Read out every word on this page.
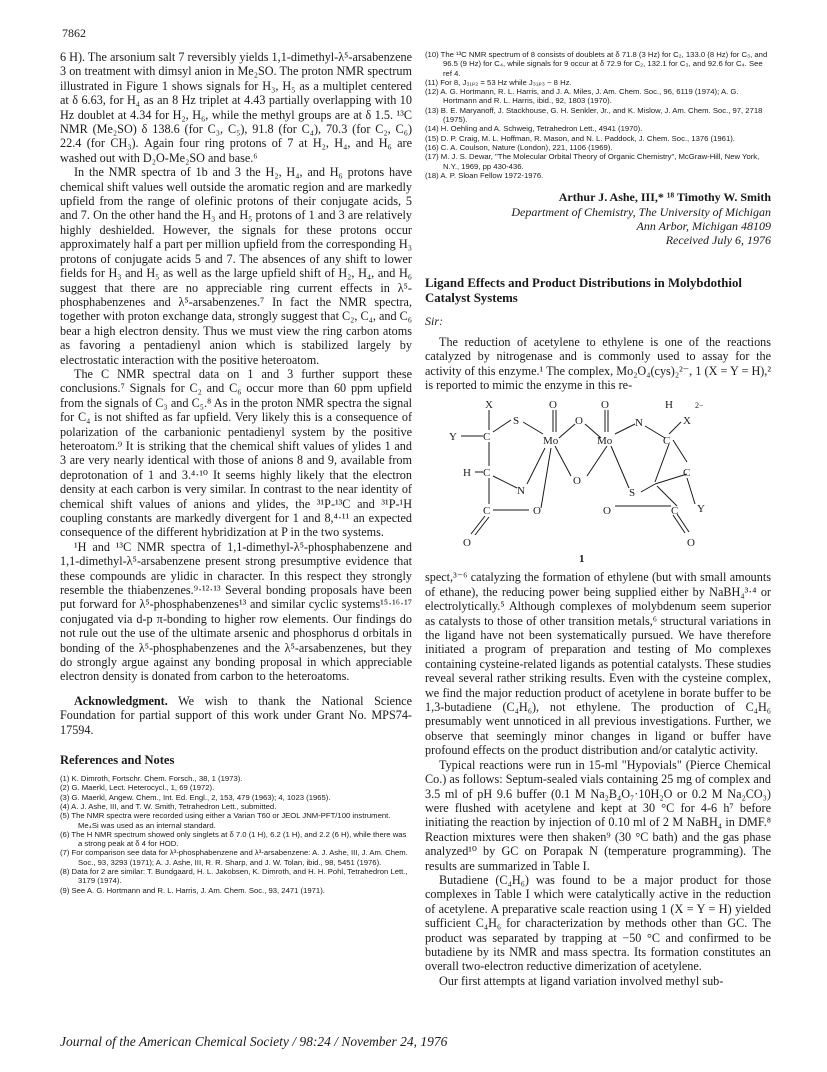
7862

6 H). The arsonium salt 7 reversibly yields 1,1-dimethyl-λ⁵-arsabenzene 3 on treatment with dimsyl anion in Me₂SO. The proton NMR spectrum illustrated in Figure 1 shows signals for H₃, H₅ as a multiplet centered at δ 6.63, for H₄ as an 8 Hz triplet at 4.43 partially overlapping with 10 Hz doublet at 4.34 for H₂, H₆, while the methyl groups are at δ 1.5. ¹³C NMR (Me₂SO) δ 138.6 (for C₃, C₅), 91.8 (for C₄), 70.3 (for C₂, C₆) 22.4 (for CH₃). Again four ring protons of 7 at H₂, H₄, and H₆ are washed out with D₂O-Me₂SO and base.⁶

In the NMR spectra of 1b and 3 the H₂, H₄, and H₆ protons have chemical shift values well outside the aromatic region and are markedly upfield from the range of olefinic protons of their conjugate acids, 5 and 7. On the other hand the H₃ and H₅ protons of 1 and 3 are relatively highly deshielded. However, the signals for these protons occur approximately half a part per million upfield from the corresponding H₃ protons of conjugate acids 5 and 7. The absences of any shift to lower fields for H₃ and H₅ as well as the large upfield shift of H₂, H₄, and H₆ suggest that there are no appreciable ring current effects in λ⁵-phosphabenzenes and λ⁵-arsabenzenes.⁷ In fact the NMR spectra, together with proton exchange data, strongly suggest that C₂, C₄, and C₆ bear a high electron density. Thus we must view the ring carbon atoms as favoring a pentadienyl anion which is stabilized largely by electrostatic interaction with the positive heteroatom.

The C NMR spectral data on 1 and 3 further support these conclusions.⁷ Signals for C₂ and C₆ occur more than 60 ppm upfield from the signals of C₃ and C₅.⁸ As in the proton NMR spectra the signal for C₄ is not shifted as far upfield. Very likely this is a consequence of polarization of the carbanionic pentadienyl system by the positive heteroatom.⁹ It is striking that the chemical shift values of ylides 1 and 3 are very nearly identical with those of anions 8 and 9, available from deprotonation of 1 and 3.⁴·¹⁰ It seems highly likely that the electron density at each carbon is very similar. In contrast to the near identity of chemical shift values of anions and ylides, the ³¹P-¹³C and ³¹P-¹H coupling constants are markedly divergent for 1 and 8,⁴·¹¹ an expected consequence of the different hybridization at P in the two systems.

¹H and ¹³C NMR spectra of 1,1-dimethyl-λ⁵-phosphabenzene and 1,1-dimethyl-λ⁵-arsabenzene present strong presumptive evidence that these compounds are ylidic in character. In this respect they strongly resemble the thiabenzenes.⁹·¹²·¹³ Several bonding proposals have been put forward for λ⁵-phosphabenzenes¹³ and similar cyclic systems¹⁵·¹⁶·¹⁷ conjugated via d-p π-bonding to higher row elements. Our findings do not rule out the use of the ultimate arsenic and phosphorus d orbitals in bonding of the λ⁵-phosphabenzenes and the λ⁵-arsabenzenes, but they do strongly argue against any bonding proposal in which appreciable electron density is donated from carbon to the heteroatoms.

Acknowledgment. We wish to thank the National Science Foundation for partial support of this work under Grant No. MPS74-17594.

References and Notes
(1) K. Dimroth, Fortschr. Chem. Forsch., 38, 1 (1973).
(2) G. Maerkl, Lect. Heterocycl., 1, 69 (1972).
(3) G. Maerkl, Angew. Chem., Int. Ed. Engl., 2, 153, 479 (1963); 4, 1023 (1965).
(4) A. J. Ashe, III, and T. W. Smith, Tetrahedron Lett., submitted.
(5) The NMR spectra were recorded using either a Varian T60 or JEOL JNM-PFT/100 instrument. Me₄Si was used as an internal standard.
(6) The H NMR spectrum showed only singlets at δ 7.0 (1 H), 6.2 (1 H), and 2.2 (6 H), while there was a strong peak at δ 4 for HOD.
(7) For comparison see data for λ³-phosphabenzene and λ³-arsabenzene: A. J. Ashe, III, J. Am. Chem. Soc., 93, 3293 (1971); A. J. Ashe, III, R. R. Sharp, and J. W. Tolan, ibid., 98, 5451 (1976).
(8) Data for 2 are similar: T. Bundgaard, H. L. Jakobsen, K. Dimroth, and H. H. Pohl, Tetrahedron Lett., 3179 (1974).
(9) See A. G. Hortmann and R. L. Harris, J. Am. Chem. Soc., 93, 2471 (1971).
(10) The ¹³C NMR spectrum of 8 consists of doublets at δ 71.8 (3 Hz) for C₂, 133.0 (8 Hz) for C₃, and 96.5 (9 Hz) for C₄, while signals for 9 occur at δ 72.9 for C₂, 132.1 for C₃, and 92.6 for C₄. See ref 4.
(11) For 8, J₃₁ₚ₂ = 53 Hz while J₃₁ₚ₃ ~ 8 Hz.
(12) A. G. Hortmann, R. L. Harris, and J. A. Miles, J. Am. Chem. Soc., 96, 6119 (1974); A. G. Hortmann and R. L. Harris, ibid., 92, 1803 (1970).
(13) B. E. Maryanoff, J. Stackhouse, G. H. Senkler, Jr., and K. Mislow, J. Am. Chem. Soc., 97, 2718 (1975).
(14) H. Oehling and A. Schweig, Tetrahedron Lett., 4941 (1970).
(15) D. P. Craig, M. L. Hoffman, R. Mason, and N. L. Paddock, J. Chem. Soc., 1376 (1961).
(16) C. A. Coulson, Nature (London), 221, 1106 (1969).
(17) M. J. S. Dewar, "The Molecular Orbital Theory of Organic Chemistry", McGraw-Hill, New York, N.Y., 1969, pp 430-436.
(18) A. P. Sloan Fellow 1972-1976.
Arthur J. Ashe, III,* ¹⁸ Timothy W. Smith
Department of Chemistry, The University of Michigan
Ann Arbor, Michigan 48109
Received July 6, 1976
Ligand Effects and Product Distributions in Molybdothiol Catalyst Systems
Sir:

The reduction of acetylene to ethylene is one of the reactions catalyzed by nitrogenase and is commonly used to assay for the activity of this enzyme.¹ The complex, Mo₂O₄(cys)₂²⁻, 1 (X = Y = H),² is reported to mimic the enzyme in this re-

X	O	O	H	2−
Y C
S
Mo
O
Mo
N
C
X
H C
N
O
S
C
Y
C	O	O	C
O	O
1

spect,³⁻⁶ catalyzing the formation of ethylene (but with small amounts of ethane), the reducing power being supplied either by NaBH₄³·⁴ or electrolytically.⁵ Although complexes of molybdenum seem superior as catalysts to those of other transition metals,⁶ structural variations in the ligand have not been systematically pursued. We have therefore initiated a program of preparation and testing of Mo complexes containing cysteine-related ligands as potential catalysts. These studies reveal several rather striking results. Even with the cysteine complex, we find the major reduction product of acetylene in borate buffer to be 1,3-butadiene (C₄H₆), not ethylene. The production of C₄H₆ presumably went unnoticed in all previous investigations. Further, we observe that seemingly minor changes in ligand or buffer have profound effects on the product distribution and/or catalytic activity.

Typical reactions were run in 15-ml "Hypovials" (Pierce Chemical Co.) as follows: Septum-sealed vials containing 25 mg of complex and 3.5 ml of pH 9.6 buffer (0.1 M Na₂B₄O₇·10H₂O or 0.2 M Na₂CO₃) were flushed with acetylene and kept at 30 °C for 4-6 h⁷ before initiating the reaction by injection of 0.10 ml of 2 M NaBH₄ in DMF.⁸ Reaction mixtures were then shaken⁹ (30 °C bath) and the gas phase analyzed¹⁰ by GC on Porapak N (temperature programming). The results are summarized in Table I.

Butadiene (C₄H₆) was found to be a major product for those complexes in Table I which were catalytically active in the reduction of acetylene. A preparative scale reaction using 1 (X = Y = H) yielded sufficient C₄H₆ for characterization by methods other than GC. The product was separated by trapping at −50 °C and confirmed to be butadiene by its NMR and mass spectra. Its formation constitutes an overall two-electron reductive dimerization of acetylene.

Our first attempts at ligand variation involved methyl sub-

Journal of the American Chemical Society / 98:24 / November 24, 1976
